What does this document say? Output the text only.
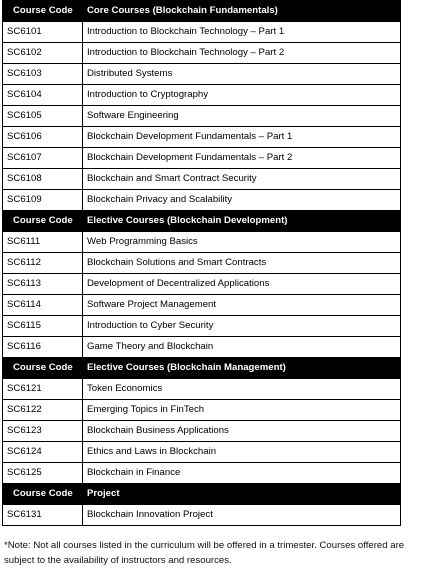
Course Code	Core Courses (Blockchain Fundamentals)
SC6101	Introduction to Blockchain Technology – Part 1
SC6102	Introduction to Blockchain Technology – Part 2
SC6103	Distributed Systems
SC6104	Introduction to Cryptography
SC6105	Software Engineering
SC6106	Blockchain Development Fundamentals – Part 1
SC6107	Blockchain Development Fundamentals – Part 2
SC6108	Blockchain and Smart Contract Security
SC6109	Blockchain Privacy and Scalability
Course Code	Elective Courses (Blockchain Development)
SC6111	Web Programming Basics
SC6112	Blockchain Solutions and Smart Contracts
SC6113	Development of Decentralized Applications
SC6114	Software Project Management
SC6115	Introduction to Cyber Security
SC6116	Game Theory and Blockchain
Course Code	Elective Courses (Blockchain Management)
SC6121	Token Economics
SC6122	Emerging Topics in FinTech
SC6123	Blockchain Business Applications
SC6124	Ethics and Laws in Blockchain
SC6125	Blockchain in Finance
Course Code	Project
SC6131	Blockchain Innovation Project
*Note: Not all courses listed in the curriculum will be offered in a trimester. Courses offered are subject to the availability of instructors and resources.
